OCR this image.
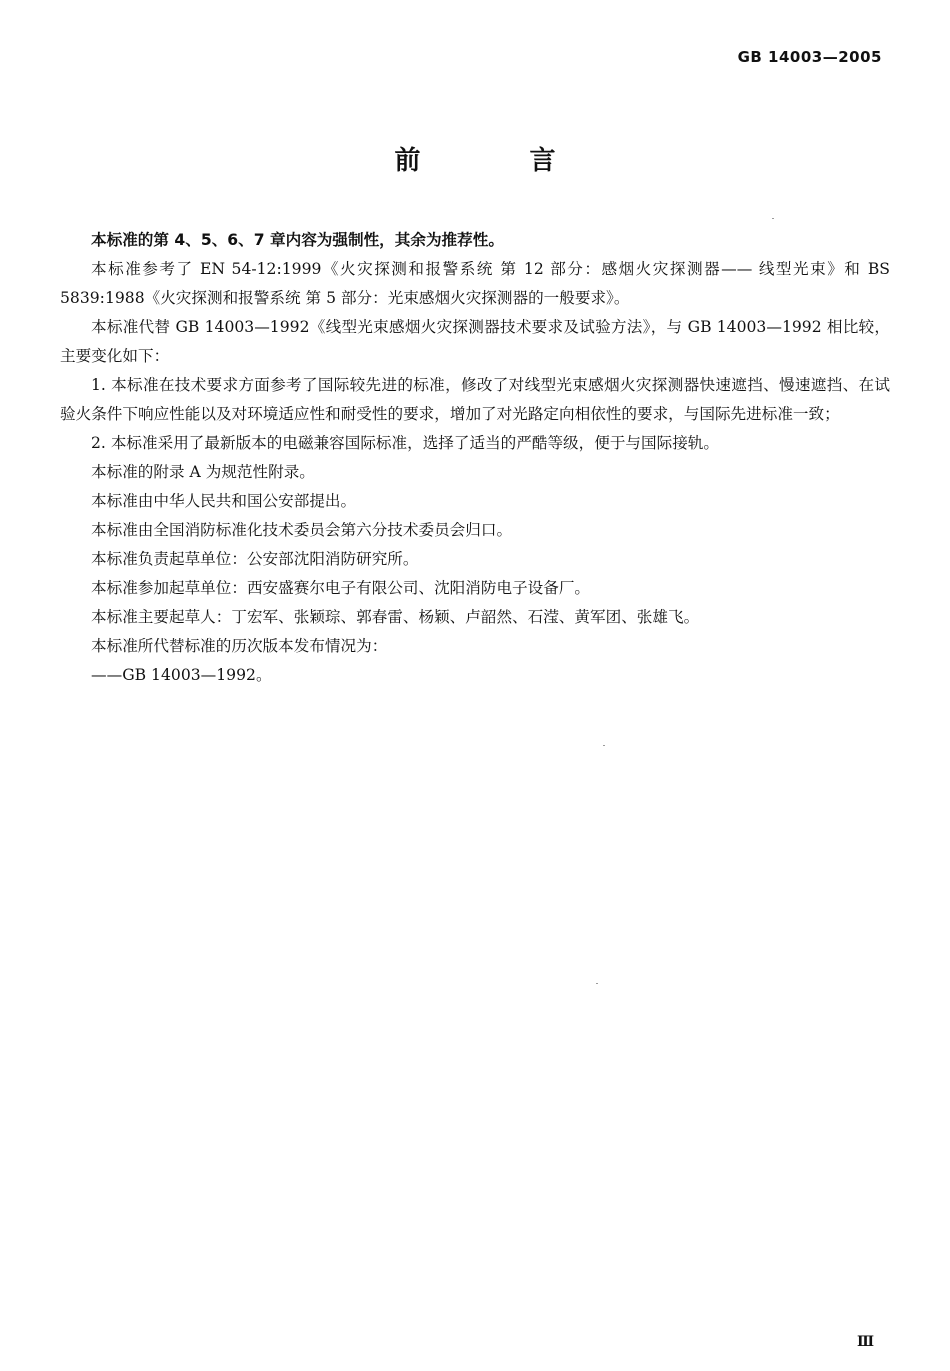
GB 14003—2005
前 言

本标准的第 4、5、6、7 章内容为强制性，其余为推荐性。

本标准参考了 EN 54-12:1999《火灾探测和报警系统 第 12 部分：感烟火灾探测器—— 线型光束》和 BS 5839:1988《火灾探测和报警系统 第 5 部分：光束感烟火灾探测器的一般要求》。

本标准代替 GB 14003—1992《线型光束感烟火灾探测器技术要求及试验方法》，与 GB 14003—1992 相比较，主要变化如下：

1. 本标准在技术要求方面参考了国际较先进的标准，修改了对线型光束感烟火灾探测器快速遮挡、慢速遮挡、在试验火条件下响应性能以及对环境适应性和耐受性的要求，增加了对光路定向相依性的要求，与国际先进标准一致；

2. 本标准采用了最新版本的电磁兼容国际标准，选择了适当的严酷等级，便于与国际接轨。

本标准的附录 A 为规范性附录。

本标准由中华人民共和国公安部提出。

本标准由全国消防标准化技术委员会第六分技术委员会归口。

本标准负责起草单位：公安部沈阳消防研究所。

本标准参加起草单位：西安盛赛尔电子有限公司、沈阳消防电子设备厂。

本标准主要起草人：丁宏军、张颖琮、郭春雷、杨颖、卢韶然、石滢、黄军团、张雄飞。

本标准所代替标准的历次版本发布情况为：

——GB 14003—1992。

Ⅲ
